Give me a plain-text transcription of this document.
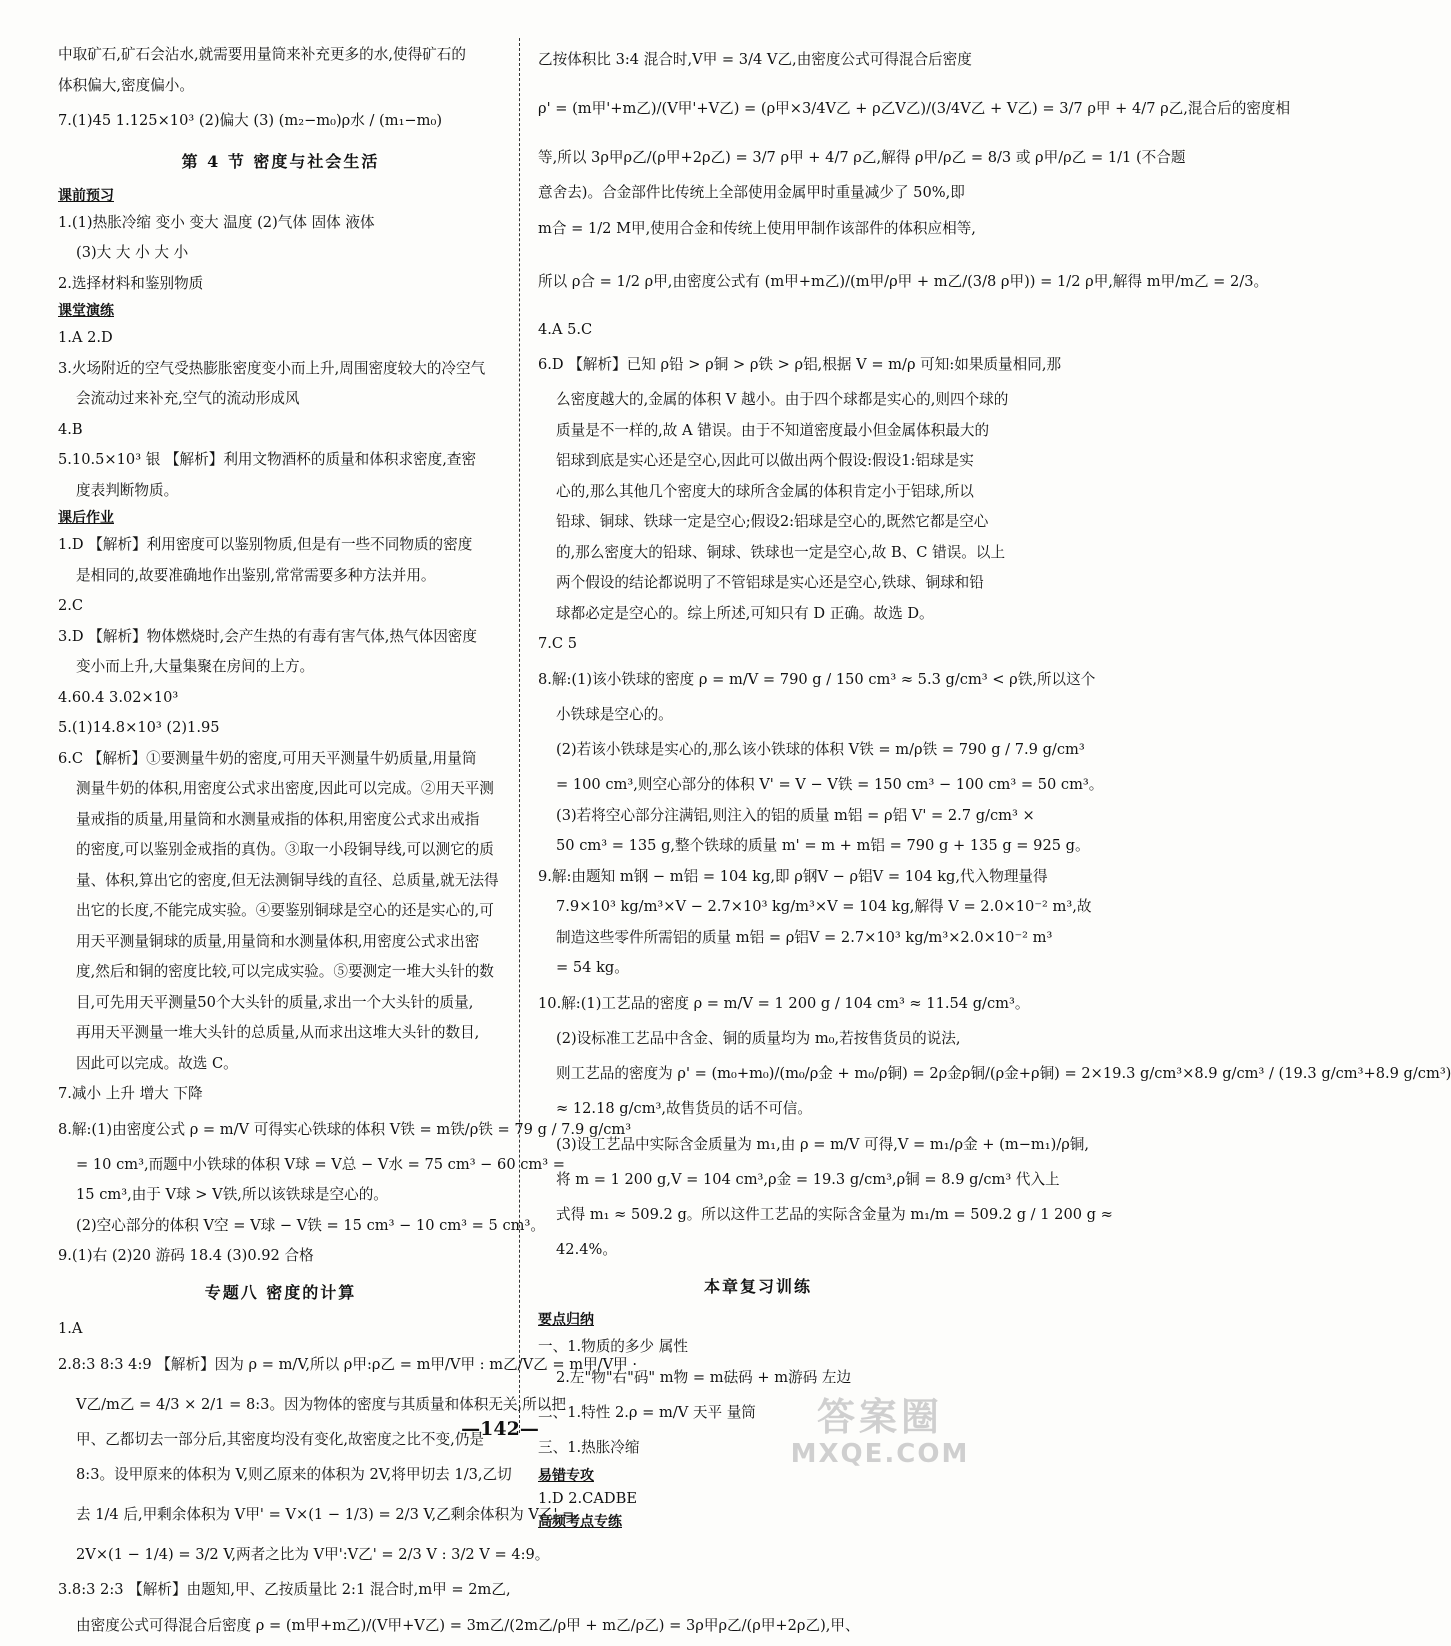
中取矿石,矿石会沾水,就需要用量筒来补充更多的水,使得矿石的
体积偏大,密度偏小。
7.(1)45 1.125×10³ (2)偏大 (3) (m₂−m₀)ρ水 / (m₁−m₀)
第 4 节 密度与社会生活
课前预习
1.(1)热胀冷缩 变小 变大 温度 (2)气体 固体 液体
(3)大 大 小 大 小
2.选择材料和鉴别物质
课堂演练
1.A 2.D
3.火场附近的空气受热膨胀密度变小而上升,周围密度较大的冷空气
会流动过来补充,空气的流动形成风
4.B
5.10.5×10³ 银 【解析】利用文物酒杯的质量和体积求密度,查密
度表判断物质。
课后作业
1.D 【解析】利用密度可以鉴别物质,但是有一些不同物质的密度
是相同的,故要准确地作出鉴别,常常需要多种方法并用。
2.C
3.D 【解析】物体燃烧时,会产生热的有毒有害气体,热气体因密度
变小而上升,大量集聚在房间的上方。
4.60.4 3.02×10³
5.(1)14.8×10³ (2)1.95
6.C 【解析】①要测量牛奶的密度,可用天平测量牛奶质量,用量筒
测量牛奶的体积,用密度公式求出密度,因此可以完成。②用天平测
量戒指的质量,用量筒和水测量戒指的体积,用密度公式求出戒指
的密度,可以鉴别金戒指的真伪。③取一小段铜导线,可以测它的质
量、体积,算出它的密度,但无法测铜导线的直径、总质量,就无法得
出它的长度,不能完成实验。④要鉴别铜球是空心的还是实心的,可
用天平测量铜球的质量,用量筒和水测量体积,用密度公式求出密
度,然后和铜的密度比较,可以完成实验。⑤要测定一堆大头针的数
目,可先用天平测量50个大头针的质量,求出一个大头针的质量,
再用天平测量一堆大头针的总质量,从而求出这堆大头针的数目,
因此可以完成。故选 C。
7.减小 上升 增大 下降
8.解:(1)由密度公式 ρ = m/V 可得实心铁球的体积 V铁 = m铁/ρ铁 = 79 g / 7.9 g/cm³
= 10 cm³,而题中小铁球的体积 V球 = V总 − V水 = 75 cm³ − 60 cm³ =
15 cm³,由于 V球 > V铁,所以该铁球是空心的。
(2)空心部分的体积 V空 = V球 − V铁 = 15 cm³ − 10 cm³ = 5 cm³。
9.(1)右 (2)20 游码 18.4 (3)0.92 合格
专题八 密度的计算
1.A
2.8:3 8:3 4:9 【解析】因为 ρ = m/V,所以 ρ甲:ρ乙 = m甲/V甲 : m乙/V乙 = m甲/V甲 ·
V乙/m乙 = 4/3 × 2/1 = 8:3。因为物体的密度与其质量和体积无关,所以把
甲、乙都切去一部分后,其密度均没有变化,故密度之比不变,仍是
8:3。设甲原来的体积为 V,则乙原来的体积为 2V,将甲切去 1/3,乙切
去 1/4 后,甲剩余体积为 V甲' = V×(1 − 1/3) = 2/3 V,乙剩余体积为 V乙' =
2V×(1 − 1/4) = 3/2 V,两者之比为 V甲':V乙' = 2/3 V : 3/2 V = 4:9。
3.8:3 2:3 【解析】由题知,甲、乙按质量比 2:1 混合时,m甲 = 2m乙,
由密度公式可得混合后密度 ρ = (m甲+m乙)/(V甲+V乙) = 3m乙/(2m乙/ρ甲 + m乙/ρ乙) = 3ρ甲ρ乙/(ρ甲+2ρ乙),甲、
乙按体积比 3:4 混合时,V甲 = 3/4 V乙,由密度公式可得混合后密度
ρ' = (m甲'+m乙)/(V甲'+V乙) = (ρ甲×3/4V乙 + ρ乙V乙)/(3/4V乙 + V乙) = 3/7 ρ甲 + 4/7 ρ乙,混合后的密度相
等,所以 3ρ甲ρ乙/(ρ甲+2ρ乙) = 3/7 ρ甲 + 4/7 ρ乙,解得 ρ甲/ρ乙 = 8/3 或 ρ甲/ρ乙 = 1/1 (不合题
意舍去)。合金部件比传统上全部使用金属甲时重量减少了 50%,即
m合 = 1/2 M甲,使用合金和传统上使用甲制作该部件的体积应相等,
所以 ρ合 = 1/2 ρ甲,由密度公式有 (m甲+m乙)/(m甲/ρ甲 + m乙/(3/8 ρ甲)) = 1/2 ρ甲,解得 m甲/m乙 = 2/3。
4.A 5.C
6.D 【解析】已知 ρ铅 > ρ铜 > ρ铁 > ρ铝,根据 V = m/ρ 可知:如果质量相同,那
么密度越大的,金属的体积 V 越小。由于四个球都是实心的,则四个球的
质量是不一样的,故 A 错误。由于不知道密度最小但金属体积最大的
铝球到底是实心还是空心,因此可以做出两个假设:假设1:铝球是实
心的,那么其他几个密度大的球所含金属的体积肯定小于铝球,所以
铅球、铜球、铁球一定是空心;假设2:铝球是空心的,既然它都是空心
的,那么密度大的铅球、铜球、铁球也一定是空心,故 B、C 错误。以上
两个假设的结论都说明了不管铝球是实心还是空心,铁球、铜球和铅
球都必定是空心的。综上所述,可知只有 D 正确。故选 D。
7.C 5
8.解:(1)该小铁球的密度 ρ = m/V = 790 g / 150 cm³ ≈ 5.3 g/cm³ < ρ铁,所以这个
小铁球是空心的。
(2)若该小铁球是实心的,那么该小铁球的体积 V铁 = m/ρ铁 = 790 g / 7.9 g/cm³
= 100 cm³,则空心部分的体积 V' = V − V铁 = 150 cm³ − 100 cm³ = 50 cm³。
(3)若将空心部分注满铝,则注入的铝的质量 m铝 = ρ铝 V' = 2.7 g/cm³ ×
50 cm³ = 135 g,整个铁球的质量 m' = m + m铝 = 790 g + 135 g = 925 g。
9.解:由题知 m钢 − m铝 = 104 kg,即 ρ钢V − ρ铝V = 104 kg,代入物理量得
7.9×10³ kg/m³×V − 2.7×10³ kg/m³×V = 104 kg,解得 V = 2.0×10⁻² m³,故
制造这些零件所需铝的质量 m铝 = ρ铝V = 2.7×10³ kg/m³×2.0×10⁻² m³
= 54 kg。
10.解:(1)工艺品的密度 ρ = m/V = 1 200 g / 104 cm³ ≈ 11.54 g/cm³。
(2)设标准工艺品中含金、铜的质量均为 m₀,若按售货员的说法,
则工艺品的密度为 ρ' = (m₀+m₀)/(m₀/ρ金 + m₀/ρ铜) = 2ρ金ρ铜/(ρ金+ρ铜) = 2×19.3 g/cm³×8.9 g/cm³ / (19.3 g/cm³+8.9 g/cm³)
≈ 12.18 g/cm³,故售货员的话不可信。
(3)设工艺品中实际含金质量为 m₁,由 ρ = m/V 可得,V = m₁/ρ金 + (m−m₁)/ρ铜,
将 m = 1 200 g,V = 104 cm³,ρ金 = 19.3 g/cm³,ρ铜 = 8.9 g/cm³ 代入上
式得 m₁ ≈ 509.2 g。所以这件工艺品的实际含金量为 m₁/m = 509.2 g / 1 200 g ≈
42.4%。
本章复习训练
要点归纳
一、1.物质的多少 属性
2.左"物"右"码" m物 = m砝码 + m游码 左边
二、1.特性 2.ρ = m/V 天平 量筒
三、1.热胀冷缩
易错专攻
1.D 2.CADBE
高频考点专练
—142—	答案圈
MXQE.COM
